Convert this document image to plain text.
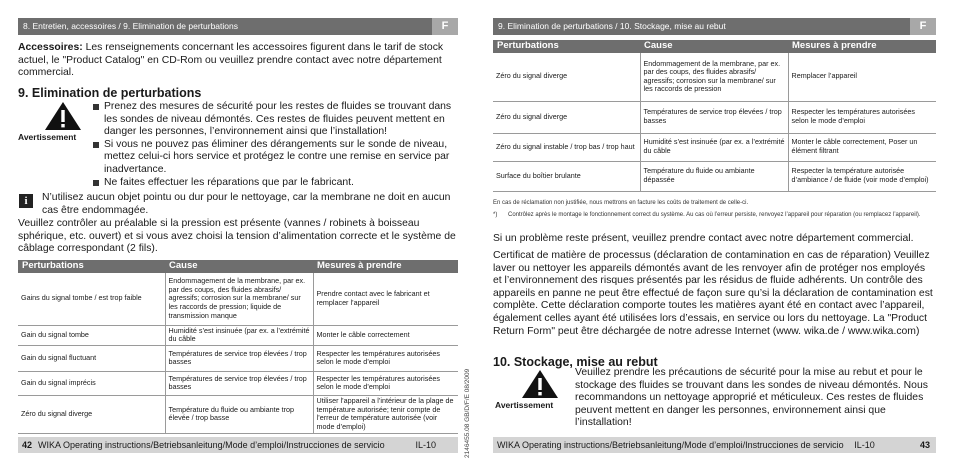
8. Entretien, accessoires / 9. Elimination de perturbations	F
Accessoires: Les renseignements concernant les accessoires figurent dans le tarif de stock actuel, le "Product Catalog" en CD-Rom ou veuillez prendre contact avec notre département commercial.
9. Elimination de perturbations
Avertissement
Prenez des mesures de sécurité pour les restes de fluides se trouvant dans les sondes de niveau démontés. Ces restes de fluides peuvent mettent en danger les personnes, l’environnement ainsi que l’installation!
Si vous ne pouvez pas éliminer des dérangements sur le sonde de niveau, mettez celui-ci hors service et protégez le contre une remise en service par inadvertance.
Ne faites effectuer les réparations que par le fabricant.
i	N’utilisez aucun objet pointu ou dur pour le nettoyage, car la membrane ne doit en aucun cas être endommagée.
Veuillez contrôler au préalable si la pression est présente (vannes / robinets à boisseau sphérique, etc. ouvert) et si vous avez choisi la tension d’alimentation correcte et le système de câblage correspondant (2 fils).
Perturbations	Cause	Mesures à prendre
Gains du signal tombe / est trop faible	Endommagement de la membrane, par ex. par des coups, des fluides abrasifs/ agressifs; corrosion sur la membrane/ sur les raccords de pression; liquide de transmission manque	Prendre contact avec le fabricant et remplacer l’appareil
Gain du signal tombe	Humidité s’est insinuée (par ex. a l’extrémité du câble	Monter le câble correctement
Gain du signal fluctuant	Températures de service trop élevées / trop basses	Respecter les températures autorisées selon le mode d’emploi
Gain du signal imprécis	Températures de service trop élevées / trop basses	Respecter les températures autorisées selon le mode d’emploi
Zéro du signal diverge	Température du fluide ou ambiante trop élevée / trop basse	Utiliser l’appareil a l’intérieur de la plage de température autorisée; tenir compte de l’erreur de température autorisée (voir mode d’emploi)
42 WIKA Operating instructions/Betriebsanleitung/Mode d’emploi/Instrucciones de servicio	IL-10	2146455.08 GB/D/F/E 08/2009
9. Elimination de perturbations / 10. Stockage, mise au rebut	F
Perturbations	Cause	Mesures à prendre
Zéro du signal diverge	Endommagement de la membrane, par ex. par des coups, des fluides abrasifs/ agressifs; corrosion sur la membrane/ sur les raccords de pression	Remplacer l’appareil
Zéro du signal diverge	Températures de service trop élevées / trop basses	Respecter les températures autorisées selon le mode d’emploi
Zéro du signal instable / trop bas / trop haut	Humidité s’est insinuée (par ex. a l’extrémité du câble	Monter le câble correctement, Poser un élément filtrant
Surface du boîtier brulante	Température du fluide ou ambiante dépassée	Respecter la température autorisée d’ambiance / de fluide (voir mode d’emploi)
En cas de réclamation non justifiée, nous mettrons en facture les coûts de traitement de celle-ci.
*)	Contrôlez après le montage le fonctionnement correct du système. Au cas où l’erreur persiste, renvoyez l’appareil pour réparation (ou remplacez l’appareil).
Si un problème reste présent, veuillez prendre contact avec notre département commercial.
Certificat de matière de processus (déclaration de contamination en cas de réparation) Veuillez laver ou nettoyer les appareils démontés avant de les renvoyer afin de protéger nos employés et l’environnement des risques présentés par les résidus de fluide adhérents. Un contrôle des appareils en panne ne peut être effectué de façon sure qu’si la déclaration de contamination est complète. Cette déclaration comporte toutes les matières ayant été en contact avec l’appareil, également celles ayant été utilisées lors d’essais, en service ou lors du nettoyage. La "Product Return Form" peut être déchargée de notre adresse Internet (www. wika.de / www.wika.com)
10. Stockage, mise au rebut
Avertissement
Veuillez prendre les précautions de sécurité pour la mise au rebut et pour le stockage des fluides se trouvant dans les sondes de niveau démontés. Nous recommandons un nettoyage approprié et méticuleux. Ces restes de fluides peuvent mettent en danger les personnes, environnement ainsi que l’installation!
WIKA Operating instructions/Betriebsanleitung/Mode d’emploi/Instrucciones de servicio IL-10	43
